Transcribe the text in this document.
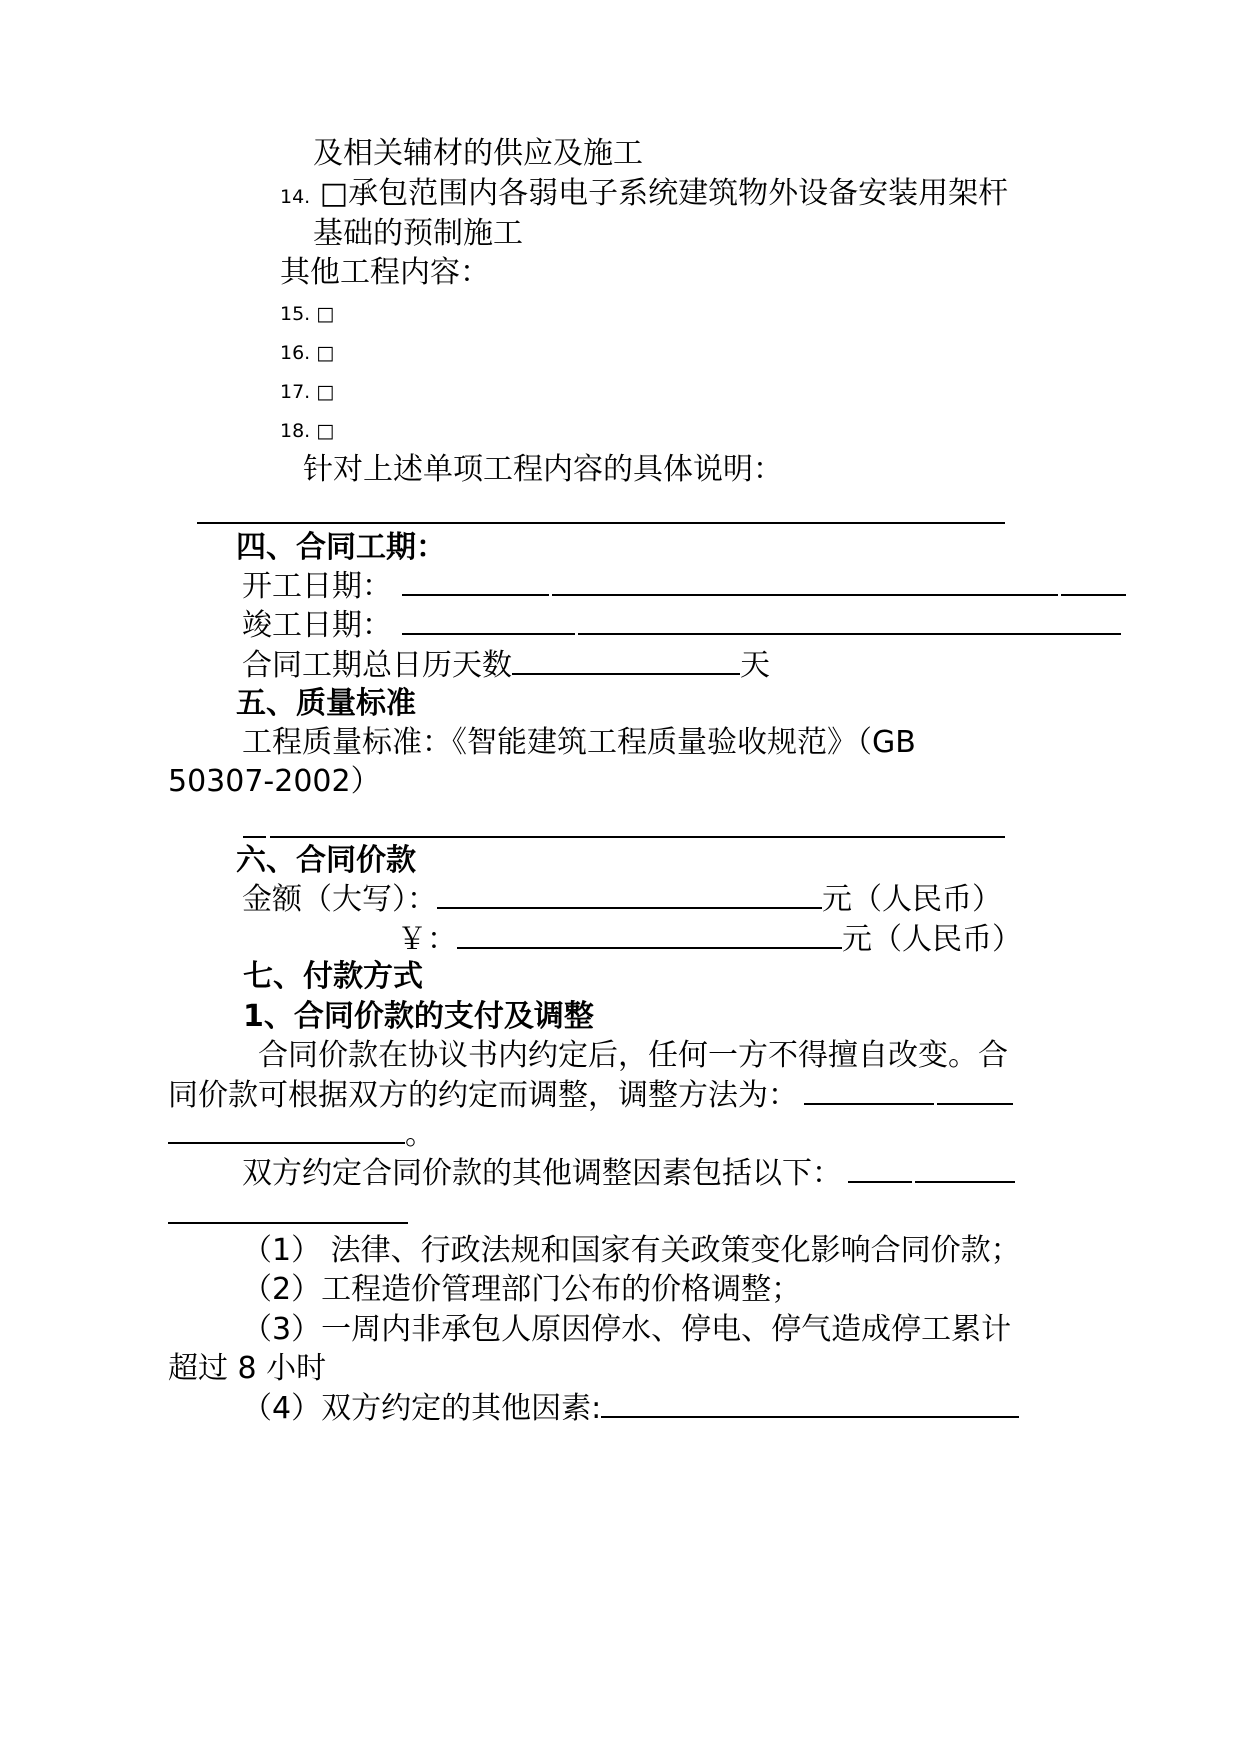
及相关辅材的供应及施工
14. □承包范围内各弱电子系统建筑物外设备安装用架杆
基础的预制施工
其他工程内容：
15. □
16. □
17. □
18. □
针对上述单项工程内容的具体说明：
四、合同工期：
开工日期：
竣工日期：
合同工期总日历天数	天
五、质量标准
工程质量标准：《智能建筑工程质量验收规范》（GB
50307-2002）
六、合同价款
金额（大写）：	元（人民币）
￥：	元（人民币）
七、付款方式
1、合同价款的支付及调整
合同价款在协议书内约定后，任何一方不得擅自改变。合
同价款可根据双方的约定而调整，调整方法为：
。
双方约定合同价款的其他调整因素包括以下：
（1） 法律、行政法规和国家有关政策变化影响合同价款；
（2）工程造价管理部门公布的价格调整；
（3）一周内非承包人原因停水、停电、停气造成停工累计
超过 8 小时
（4）双方约定的其他因素:
